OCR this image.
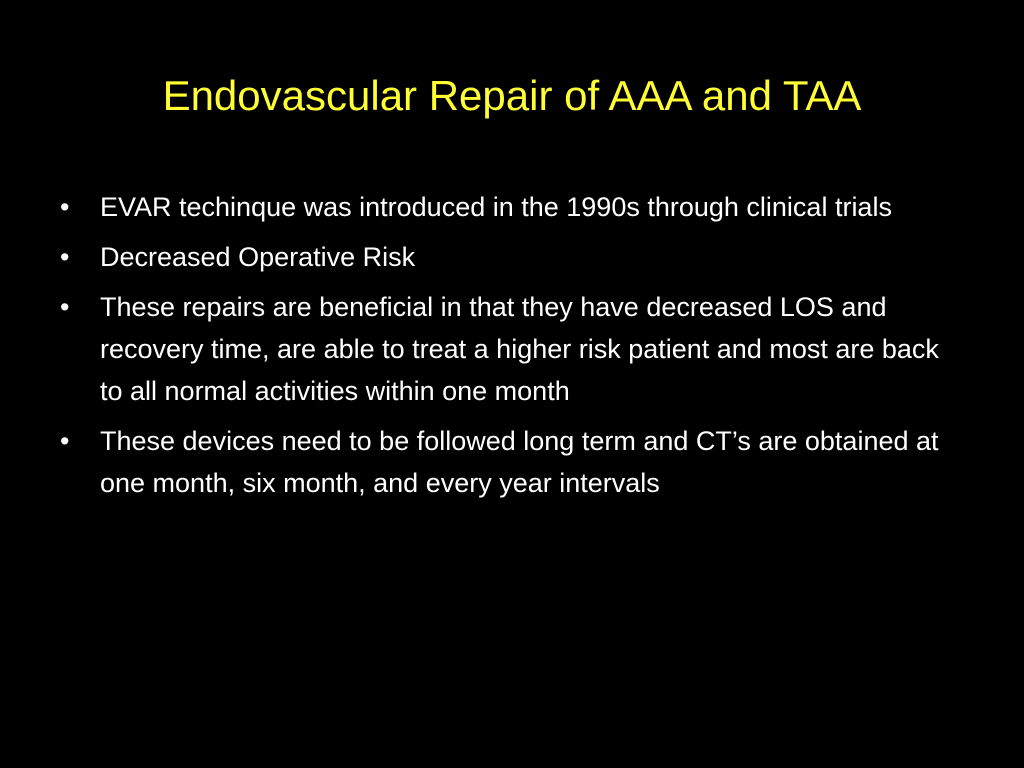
Endovascular Repair of AAA and TAA
•	EVAR techinque was introduced in the 1990s through clinical trials
•	Decreased Operative Risk
•	These repairs are beneficial in that they have decreased LOS and recovery time, are able to treat a higher risk patient and most are back to all normal activities within one month
•	These devices need to be followed long term and CT’s are obtained at one month, six month, and every year intervals
